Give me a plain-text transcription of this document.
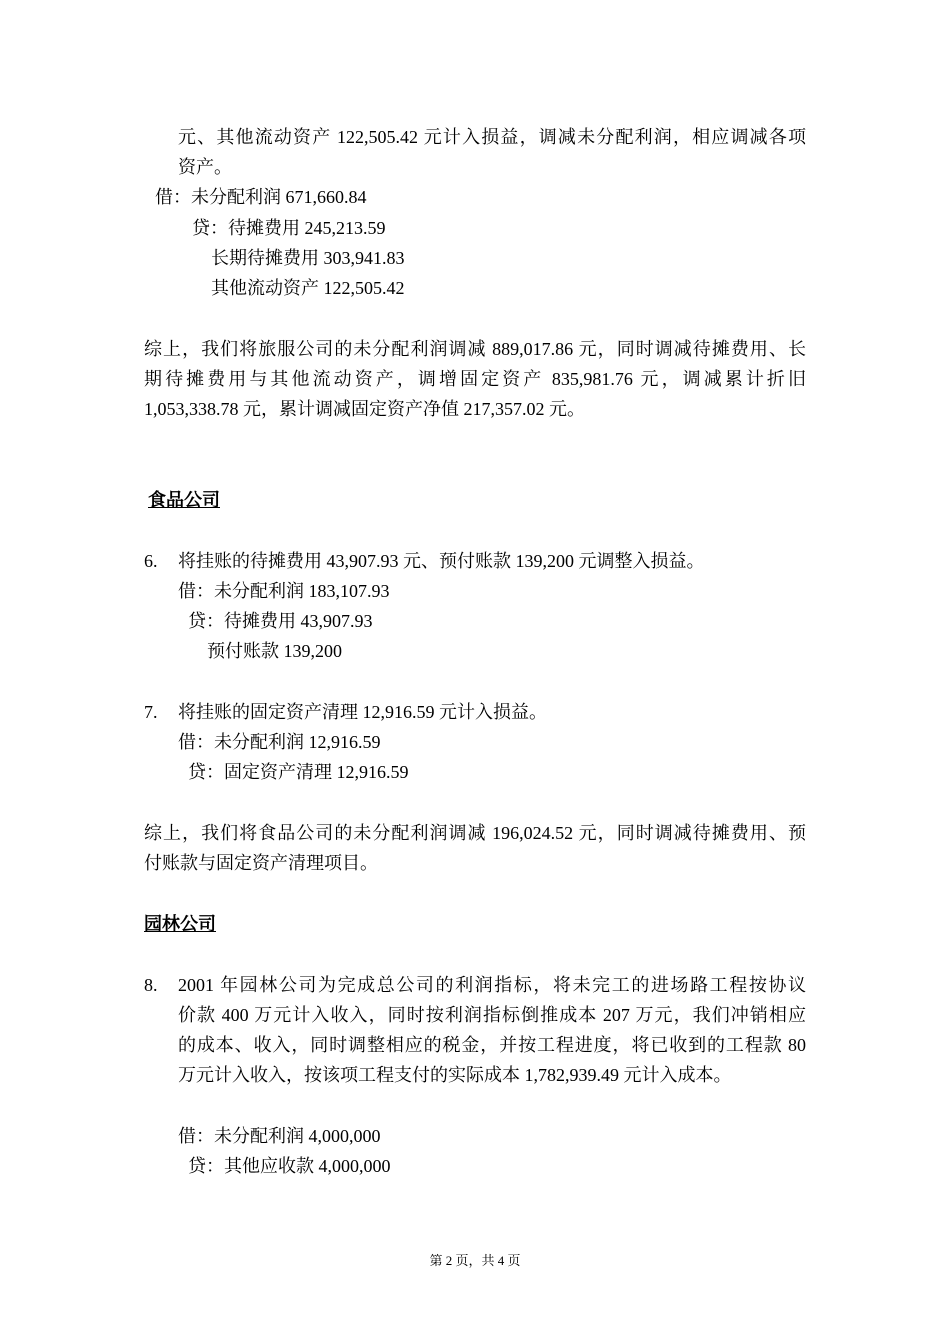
元、其他流动资产 122,505.42 元计入损益，调减未分配利润，相应调减各项
资产。
借：未分配利润 671,660.84
贷：待摊费用 245,213.59
长期待摊费用 303,941.83
其他流动资产 122,505.42
综上，我们将旅服公司的未分配利润调减 889,017.86 元，同时调减待摊费用、长
期待摊费用与其他流动资产，调增固定资产 835,981.76 元，调减累计折旧
1,053,338.78 元，累计调减固定资产净值 217,357.02 元。
食品公司
6. 将挂账的待摊费用 43,907.93 元、预付账款 139,200 元调整入损益。
借：未分配利润 183,107.93
贷：待摊费用 43,907.93
预付账款 139,200
7. 将挂账的固定资产清理 12,916.59 元计入损益。
借：未分配利润 12,916.59
贷：固定资产清理 12,916.59
综上，我们将食品公司的未分配利润调减 196,024.52 元，同时调减待摊费用、预
付账款与固定资产清理项目。
园林公司
8. 2001 年园林公司为完成总公司的利润指标，将未完工的进场路工程按协议
价款 400 万元计入收入，同时按利润指标倒推成本 207 万元，我们冲销相应
的成本、收入，同时调整相应的税金，并按工程进度，将已收到的工程款 80
万元计入收入，按该项工程支付的实际成本 1,782,939.49 元计入成本。
借：未分配利润 4,000,000
贷：其他应收款 4,000,000
第 2 页，共 4 页
